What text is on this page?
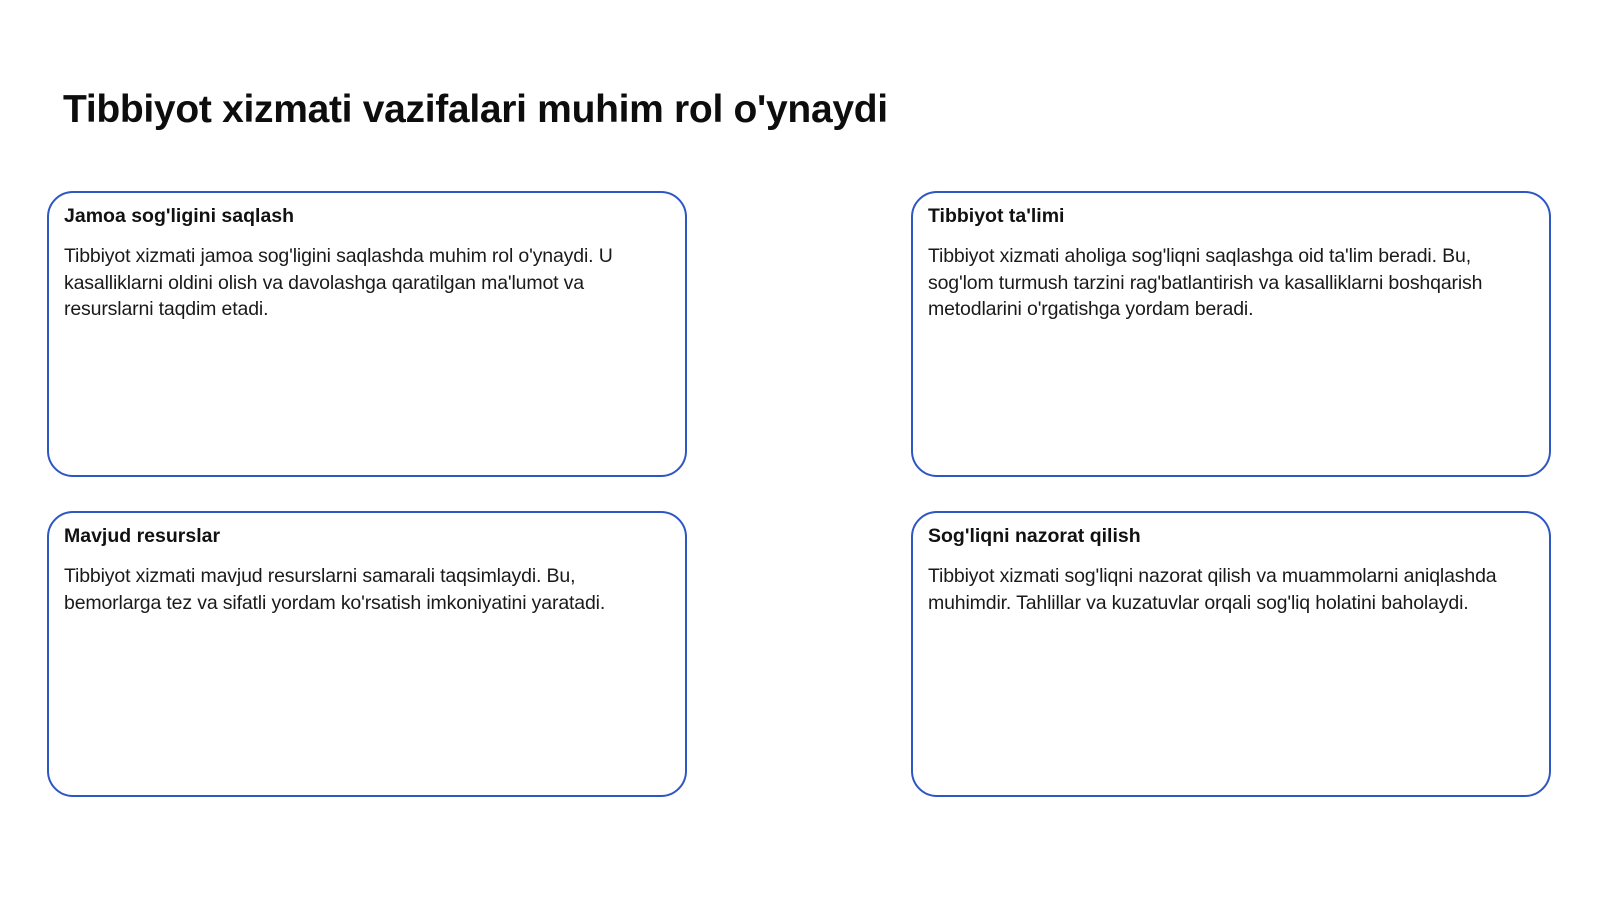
Tibbiyot xizmati vazifalari muhim rol o'ynaydi

Jamoa sog'ligini saqlash

Tibbiyot xizmati jamoa sog'ligini saqlashda muhim rol o'ynaydi. U kasalliklarni oldini olish va davolashga qaratilgan ma'lumot va resurslarni taqdim etadi.

Tibbiyot ta'limi

Tibbiyot xizmati aholiga sog'liqni saqlashga oid ta'lim beradi. Bu, sog'lom turmush tarzini rag'batlantirish va kasalliklarni boshqarish metodlarini o'rgatishga yordam beradi.

Mavjud resurslar

Tibbiyot xizmati mavjud resurslarni samarali taqsimlaydi. Bu, bemorlarga tez va sifatli yordam ko'rsatish imkoniyatini yaratadi.

Sog'liqni nazorat qilish

Tibbiyot xizmati sog'liqni nazorat qilish va muammolarni aniqlashda muhimdir. Tahlillar va kuzatuvlar orqali sog'liq holatini baholaydi.
